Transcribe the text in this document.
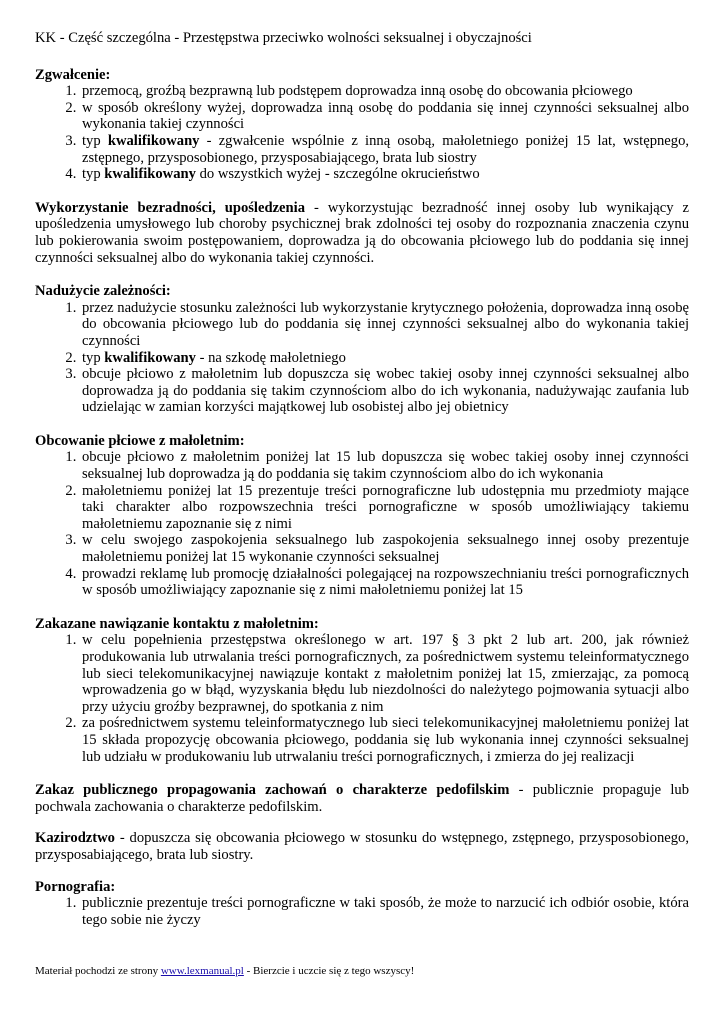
KK - Część szczególna - Przestępstwa przeciwko wolności seksualnej i obyczajności
Zgwałcenie:
1. przemocą, groźbą bezprawną lub podstępem doprowadza inną osobę do obcowania płciowego
2. w sposób określony wyżej, doprowadza inną osobę do poddania się innej czynności seksualnej albo wykonania takiej czynności
3. typ kwalifikowany - zgwałcenie wspólnie z inną osobą, małoletniego poniżej 15 lat, wstępnego, zstępnego, przysposobionego, przysposabiającego, brata lub siostry
4. typ kwalifikowany do wszystkich wyżej - szczególne okrucieństwo

Wykorzystanie bezradności, upośledzenia - wykorzystując bezradność innej osoby lub wynikający z upośledzenia umysłowego lub choroby psychicznej brak zdolności tej osoby do rozpoznania znaczenia czynu lub pokierowania swoim postępowaniem, doprowadza ją do obcowania płciowego lub do poddania się innej czynności seksualnej albo do wykonania takiej czynności.

Nadużycie zależności:
1. przez nadużycie stosunku zależności lub wykorzystanie krytycznego położenia, doprowadza inną osobę do obcowania płciowego lub do poddania się innej czynności seksualnej albo do wykonania takiej czynności
2. typ kwalifikowany - na szkodę małoletniego
3. obcuje płciowo z małoletnim lub dopuszcza się wobec takiej osoby innej czynności seksualnej albo doprowadza ją do poddania się takim czynnościom albo do ich wykonania, nadużywając zaufania lub udzielając w zamian korzyści majątkowej lub osobistej albo jej obietnicy
Obcowanie płciowe z małoletnim:
1. obcuje płciowo z małoletnim poniżej lat 15 lub dopuszcza się wobec takiej osoby innej czynności seksualnej lub doprowadza ją do poddania się takim czynnościom albo do ich wykonania
2. małoletniemu poniżej lat 15 prezentuje treści pornograficzne lub udostępnia mu przedmioty mające taki charakter albo rozpowszechnia treści pornograficzne w sposób umożliwiający takiemu małoletniemu zapoznanie się z nimi
3. w celu swojego zaspokojenia seksualnego lub zaspokojenia seksualnego innej osoby prezentuje małoletniemu poniżej lat 15 wykonanie czynności seksualnej
4. prowadzi reklamę lub promocję działalności polegającej na rozpowszechnianiu treści pornograficznych w sposób umożliwiający zapoznanie się z nimi małoletniemu poniżej lat 15
Zakazane nawiązanie kontaktu z małoletnim:
1. w celu popełnienia przestępstwa określonego w art. 197 § 3 pkt 2 lub art. 200, jak również produkowania lub utrwalania treści pornograficznych, za pośrednictwem systemu teleinformatycznego lub sieci telekomunikacyjnej nawiązuje kontakt z małoletnim poniżej lat 15, zmierzając, za pomocą wprowadzenia go w błąd, wyzyskania błędu lub niezdolności do należytego pojmowania sytuacji albo przy użyciu groźby bezprawnej, do spotkania z nim
2. za pośrednictwem systemu teleinformatycznego lub sieci telekomunikacyjnej małoletniemu poniżej lat 15 składa propozycję obcowania płciowego, poddania się lub wykonania innej czynności seksualnej lub udziału w produkowaniu lub utrwalaniu treści pornograficznych, i zmierza do jej realizacji

Zakaz publicznego propagowania zachowań o charakterze pedofilskim - publicznie propaguje lub pochwala zachowania o charakterze pedofilskim.

Kazirodztwo - dopuszcza się obcowania płciowego w stosunku do wstępnego, zstępnego, przysposobionego, przysposabiającego, brata lub siostry.

Pornografia:
1. publicznie prezentuje treści pornograficzne w taki sposób, że może to narzucić ich odbiór osobie, która tego sobie nie życzy
Materiał pochodzi ze strony www.lexmanual.pl - Bierzcie i uczcie się z tego wszyscy!
